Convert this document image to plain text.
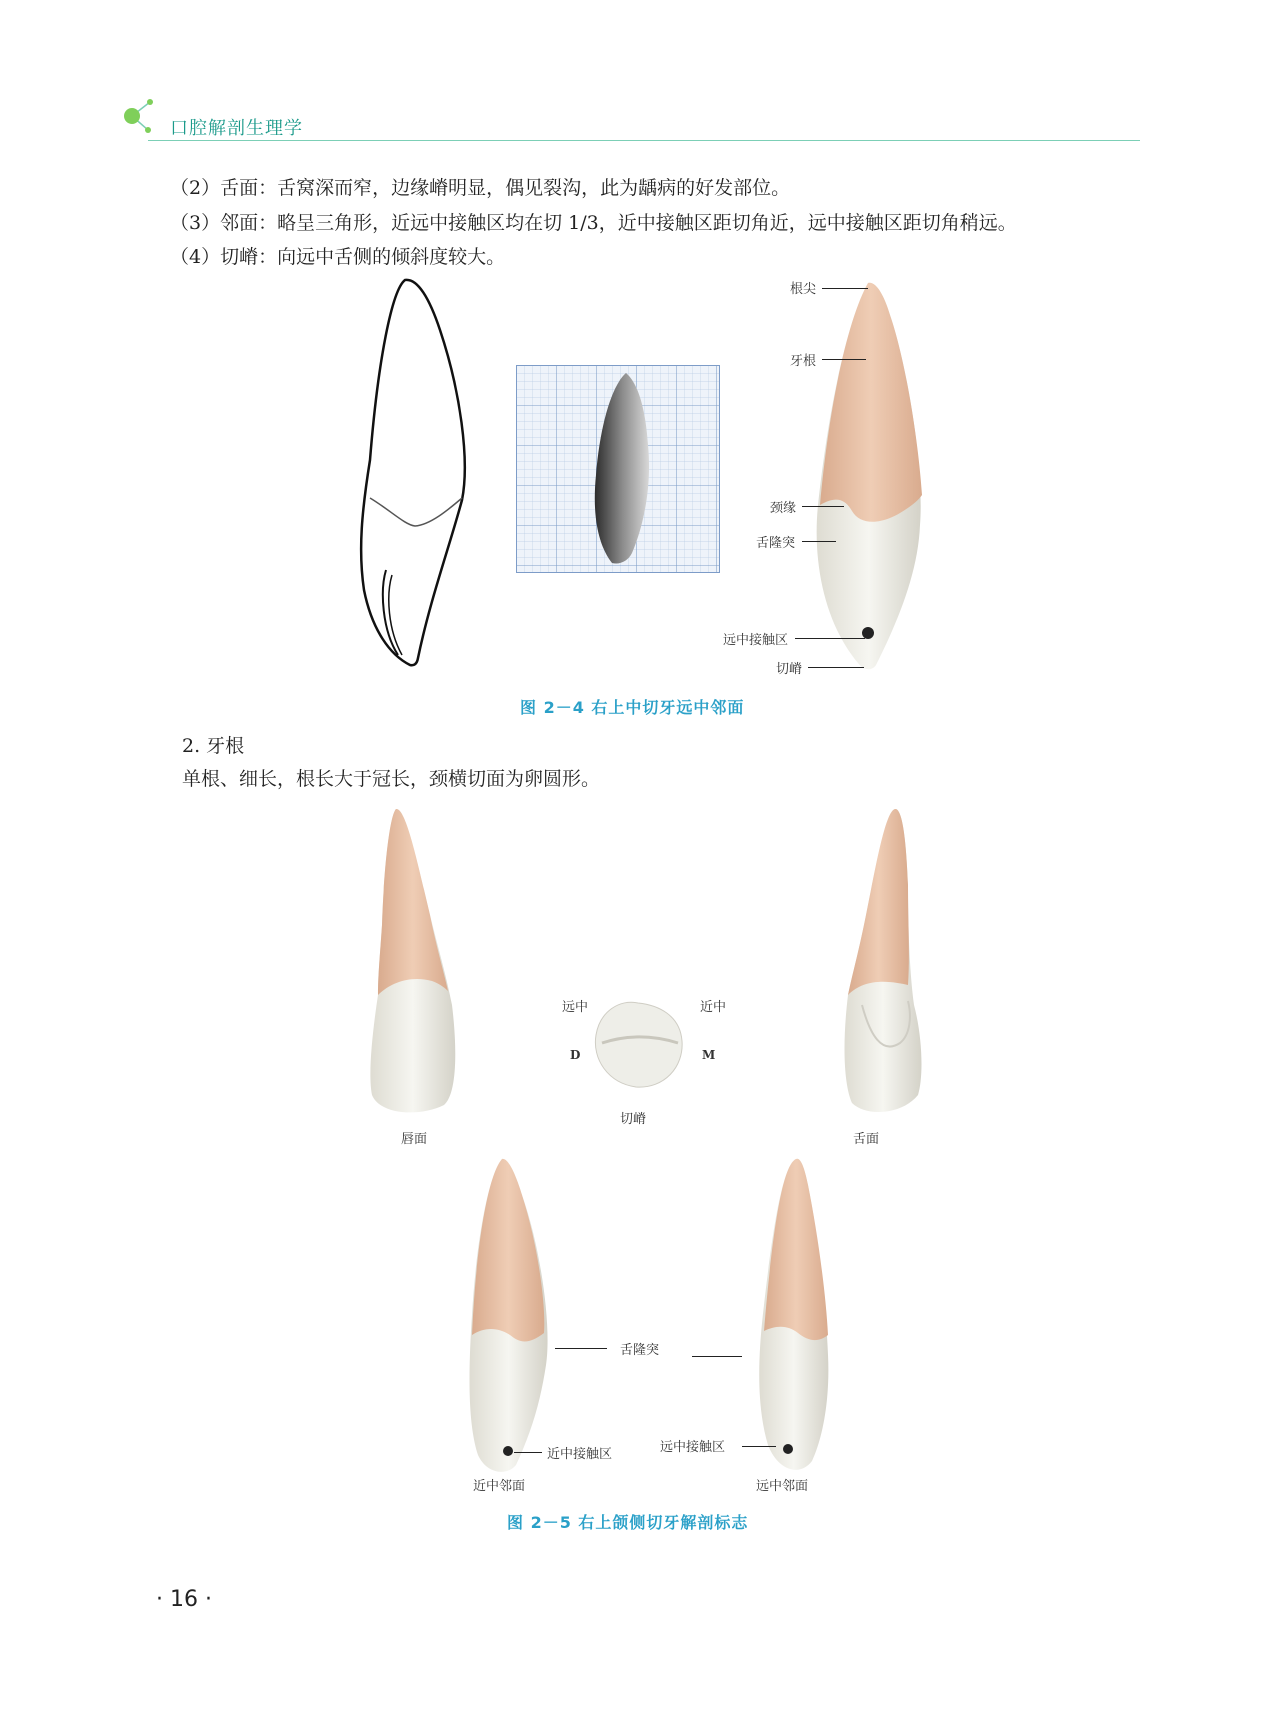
口腔解剖生理学
（2）舌面：舌窝深而窄，边缘嵴明显，偶见裂沟，此为龋病的好发部位。
（3）邻面：略呈三角形，近远中接触区均在切 1/3，近中接触区距切角近，远中接触区距切角稍远。
（4）切嵴：向远中舌侧的倾斜度较大。
根尖
牙根
颈缘
舌隆突
远中接触区
切嵴
图 2－4 右上中切牙远中邻面
2. 牙根
单根、细长，根长大于冠长，颈横切面为卵圆形。
唇面
远中	近中
D	M
切嵴
舌面
舌隆突
近中接触区	远中接触区
近中邻面	远中邻面
图 2－5 右上颌侧切牙解剖标志
· 16 ·
